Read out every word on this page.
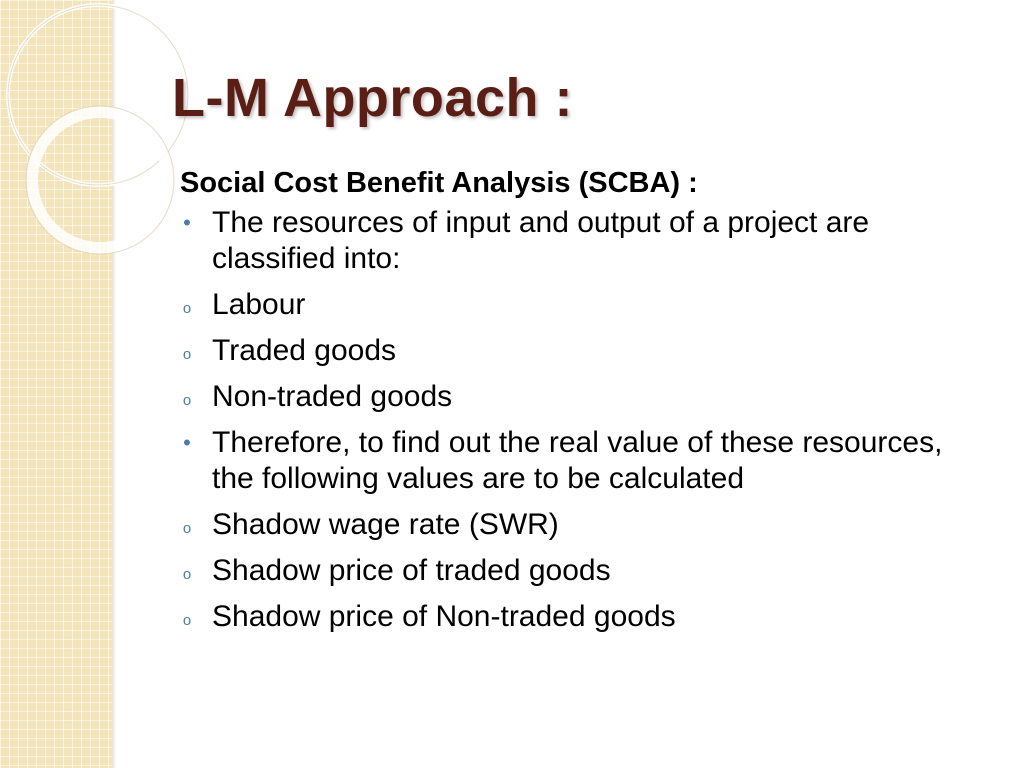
L-M Approach :
Social Cost Benefit Analysis (SCBA) :
• The resources of input and output of a project are classified into:
o Labour
o Traded goods
o Non-traded goods
• Therefore, to find out the real value of these resources, the following values are to be calculated
o Shadow wage rate (SWR)
o Shadow price of traded goods
o Shadow price of Non-traded goods
